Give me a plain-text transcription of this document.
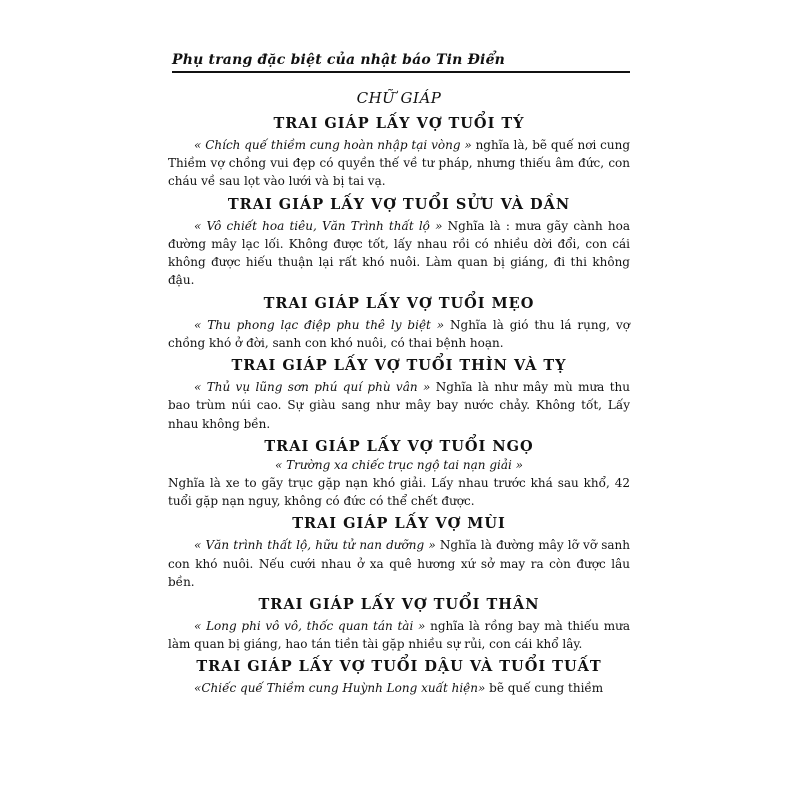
Phụ trang đặc biệt của nhật báo Tin Điển
CHỮ GIÁP
TRAI GIÁP LẤY VỢ TUỔI TÝ

« Chích quế thiềm cung hoàn nhập tại vòng » nghĩa là, bẽ quế nơi cung Thiềm vợ chồng vui đẹp có quyền thế về tư pháp, nhưng thiếu âm đức, con cháu về sau lọt vào lưới và bị tai vạ.

TRAI GIÁP LẤY VỢ TUỔI SỬU VÀ DẦN

« Vô chiết hoa tiêu, Văn Trình thất lộ » Nghĩa là : mưa gãy cành hoa đường mây lạc lối. Không được tốt, lấy nhau rồi có nhiều dời đổi, con cái không được hiếu thuận lại rất khó nuôi. Làm quan bị giáng, đi thi không đậu.

TRAI GIÁP LẤY VỢ TUỔI MẸO

« Thu phong lạc điệp phu thê ly biệt » Nghĩa là gió thu lá rụng, vợ chồng khó ở đời, sanh con khó nuôi, có thai bệnh hoạn.

TRAI GIÁP LẤY VỢ TUỔI THÌN VÀ TỴ

« Thủ vụ lũng sơn phú quí phù vân » Nghĩa là như mây mù mưa thu bao trùm núi cao. Sự giàu sang như mây bay nước chảy. Không tốt, Lấy nhau không bền.

TRAI GIÁP LẤY VỢ TUỔI NGỌ
« Trường xa chiếc trục ngộ tai nạn giải »

Nghĩa là xe to gãy trục gặp nạn khó giải. Lấy nhau trước khá sau khổ, 42 tuổi gặp nạn nguy, không có đức có thể chết được.

TRAI GIÁP LẤY VỢ MÙI

« Văn trình thất lộ, hữu tử nan dưỡng » Nghĩa là đường mây lỡ vỡ sanh con khó nuôi. Nếu cưới nhau ở xa quê hương xứ sở may ra còn được lâu bền.

TRAI GIÁP LẤY VỢ TUỔI THÂN

« Long phi vô vô, thốc quan tán tài » nghĩa là rồng bay mà thiếu mưa làm quan bị giáng, hao tán tiền tài gặp nhiều sự rủi, con cái khổ lây.

TRAI GIÁP LẤY VỢ TUỔI DẬU VÀ TUỔI TUẤT

«Chiếc quế Thiềm cung Huỳnh Long xuất hiện» bẽ quế cung thiềm
